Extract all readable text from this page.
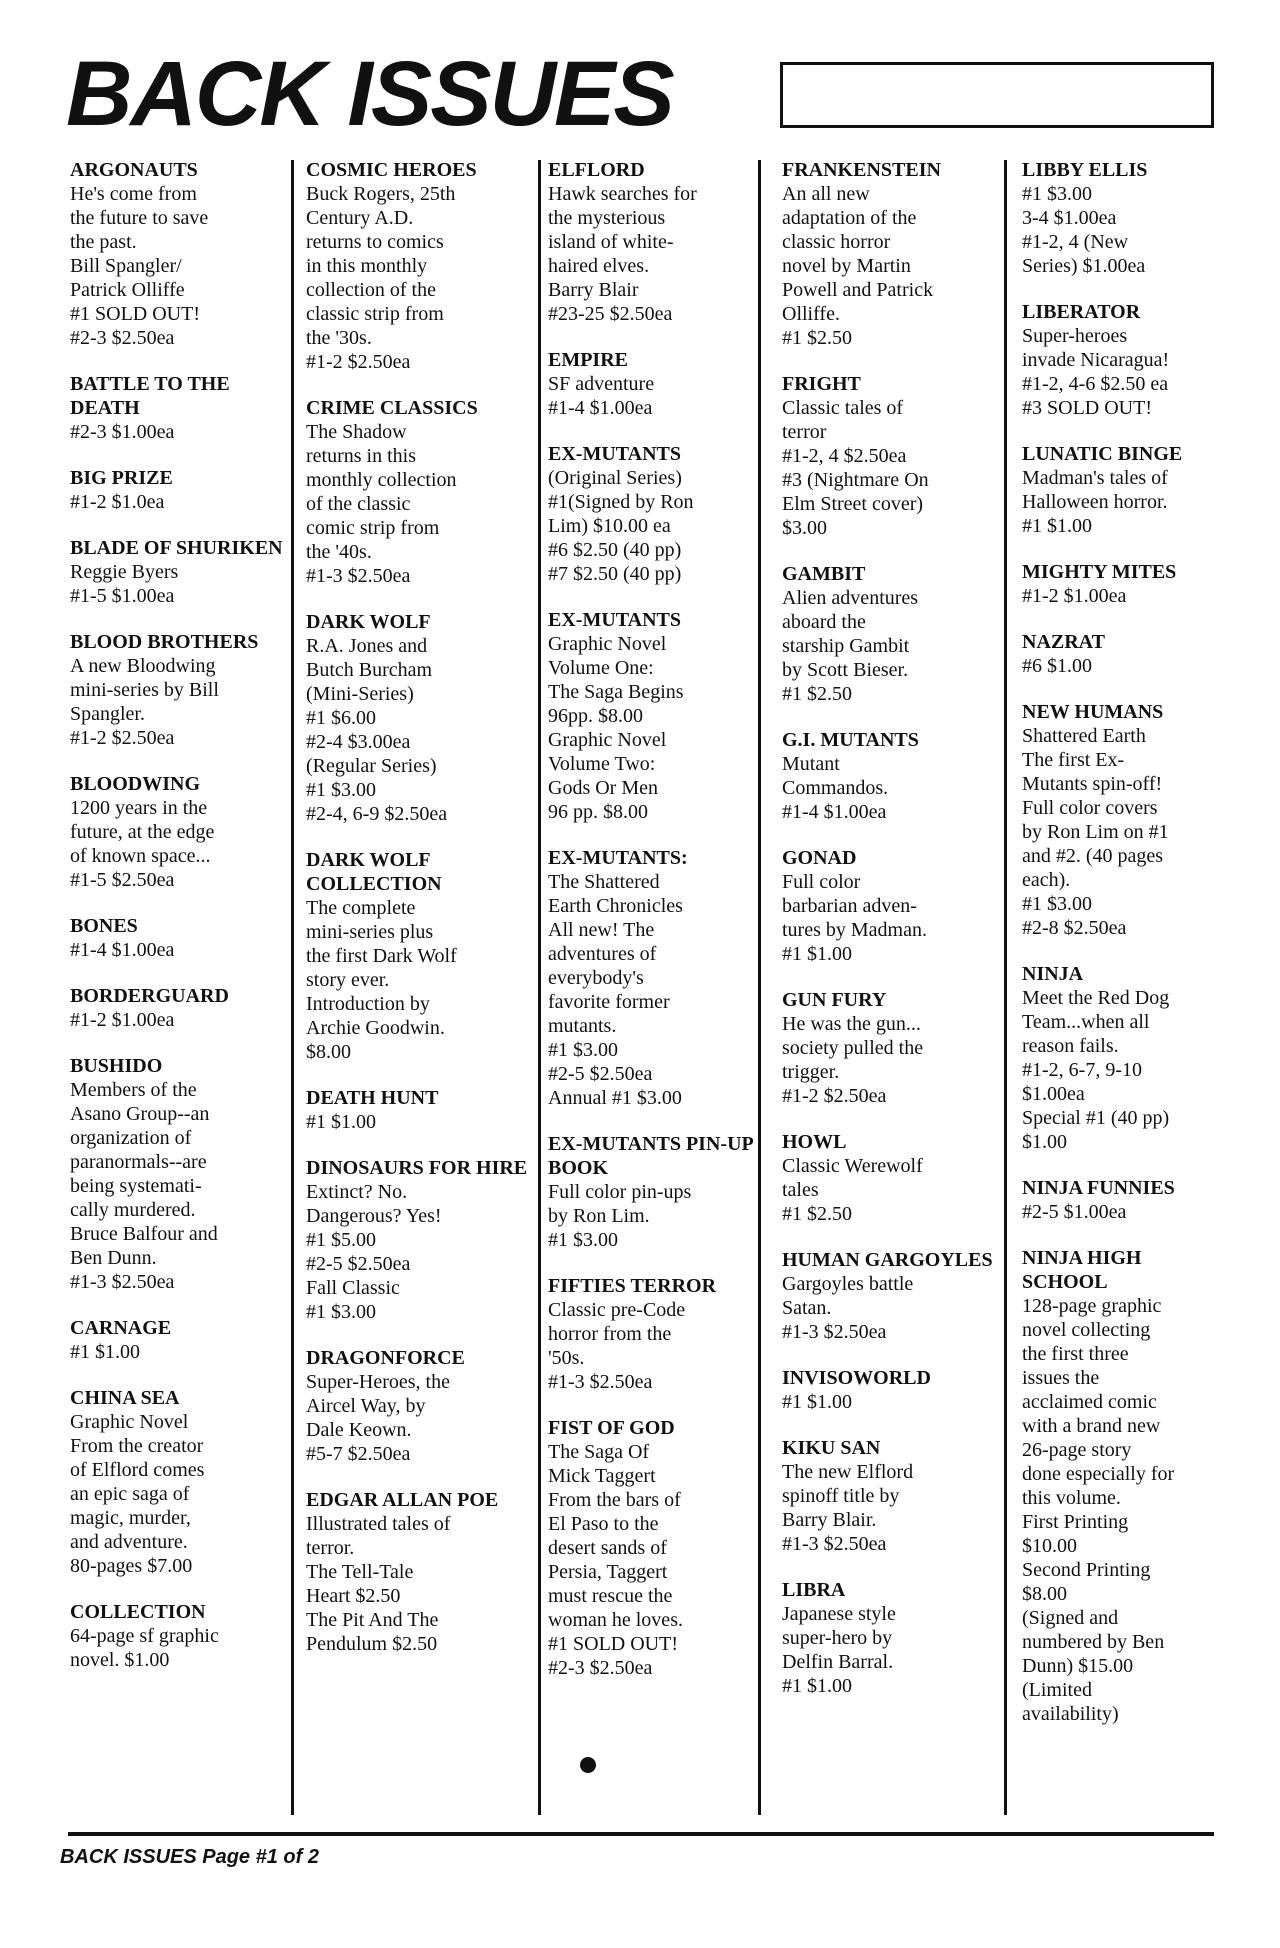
BACK ISSUES
ARGONAUTS
He's come from
the future to save
the past.
Bill Spangler/
Patrick Olliffe
#1 SOLD OUT!
#2-3 $2.50ea
BATTLE TO THE DEATH
#2-3 $1.00ea
BIG PRIZE
#1-2 $1.0ea
BLADE OF SHURIKEN
Reggie Byers
#1-5 $1.00ea
BLOOD BROTHERS
A new Bloodwing
mini-series by Bill
Spangler.
#1-2 $2.50ea
BLOODWING
1200 years in the
future, at the edge
of known space...
#1-5 $2.50ea
BONES
#1-4 $1.00ea
BORDERGUARD
#1-2 $1.00ea
BUSHIDO
Members of the
Asano Group--an
organization of
paranormals--are
being systemati-
cally murdered.
Bruce Balfour and
Ben Dunn.
#1-3 $2.50ea
CARNAGE
#1 $1.00
CHINA SEA
Graphic Novel
From the creator
of Elflord comes
an epic saga of
magic, murder,
and adventure.
80-pages $7.00
COLLECTION
64-page sf graphic
novel. $1.00
COSMIC HEROES
Buck Rogers, 25th
Century A.D.
returns to comics
in this monthly
collection of the
classic strip from
the '30s.
#1-2 $2.50ea
CRIME CLASSICS
The Shadow
returns in this
monthly collection
of the classic
comic strip from
the '40s.
#1-3 $2.50ea
DARK WOLF
R.A. Jones and
Butch Burcham
(Mini-Series)
#1 $6.00
#2-4 $3.00ea
(Regular Series)
#1 $3.00
#2-4, 6-9 $2.50ea
DARK WOLF COLLECTION
The complete
mini-series plus
the first Dark Wolf
story ever.
Introduction by
Archie Goodwin.
$8.00
DEATH HUNT
#1 $1.00
DINOSAURS FOR HIRE
Extinct? No.
Dangerous? Yes!
#1 $5.00
#2-5 $2.50ea
Fall Classic
#1 $3.00
DRAGONFORCE
Super-Heroes, the
Aircel Way, by
Dale Keown.
#5-7 $2.50ea
EDGAR ALLAN POE
Illustrated tales of
terror.
The Tell-Tale
Heart $2.50
The Pit And The
Pendulum $2.50
ELFLORD
Hawk searches for
the mysterious
island of white-
haired elves.
Barry Blair
#23-25 $2.50ea
EMPIRE
SF adventure
#1-4 $1.00ea
EX-MUTANTS
(Original Series)
#1(Signed by Ron
Lim) $10.00 ea
#6 $2.50 (40 pp)
#7 $2.50 (40 pp)
EX-MUTANTS
Graphic Novel
Volume One:
The Saga Begins
96pp. $8.00
Graphic Novel
Volume Two:
Gods Or Men
96 pp. $8.00
EX-MUTANTS:
The Shattered
Earth Chronicles
All new! The
adventures of
everybody's
favorite former
mutants.
#1 $3.00
#2-5 $2.50ea
Annual #1 $3.00
EX-MUTANTS PIN-UP BOOK
Full color pin-ups
by Ron Lim.
#1 $3.00
FIFTIES TERROR
Classic pre-Code
horror from the
'50s.
#1-3 $2.50ea
FIST OF GOD
The Saga Of
Mick Taggert
From the bars of
El Paso to the
desert sands of
Persia, Taggert
must rescue the
woman he loves.
#1 SOLD OUT!
#2-3 $2.50ea
FRANKENSTEIN
An all new
adaptation of the
classic horror
novel by Martin
Powell and Patrick
Olliffe.
#1 $2.50
FRIGHT
Classic tales of
terror
#1-2, 4 $2.50ea
#3 (Nightmare On
Elm Street cover)
$3.00
GAMBIT
Alien adventures
aboard the
starship Gambit
by Scott Bieser.
#1 $2.50
G.I. MUTANTS
Mutant
Commandos.
#1-4 $1.00ea
GONAD
Full color
barbarian adven-
tures by Madman.
#1 $1.00
GUN FURY
He was the gun...
society pulled the
trigger.
#1-2 $2.50ea
HOWL
Classic Werewolf
tales
#1 $2.50
HUMAN GARGOYLES
Gargoyles battle
Satan.
#1-3 $2.50ea
INVISOWORLD
#1 $1.00
KIKU SAN
The new Elflord
spinoff title by
Barry Blair.
#1-3 $2.50ea
LIBRA
Japanese style
super-hero by
Delfin Barral.
#1 $1.00
LIBBY ELLIS
#1 $3.00
3-4 $1.00ea
#1-2, 4 (New
Series) $1.00ea
LIBERATOR
Super-heroes
invade Nicaragua!
#1-2, 4-6 $2.50 ea
#3 SOLD OUT!
LUNATIC BINGE
Madman's tales of
Halloween horror.
#1 $1.00
MIGHTY MITES
#1-2 $1.00ea
NAZRAT
#6 $1.00
NEW HUMANS
Shattered Earth
The first Ex-
Mutants spin-off!
Full color covers
by Ron Lim on #1
and #2. (40 pages
each).
#1 $3.00
#2-8 $2.50ea
NINJA
Meet the Red Dog
Team...when all
reason fails.
#1-2, 6-7, 9-10
$1.00ea
Special #1 (40 pp)
$1.00
NINJA FUNNIES
#2-5 $1.00ea
NINJA HIGH SCHOOL
128-page graphic
novel collecting
the first three
issues the
acclaimed comic
with a brand new
26-page story
done especially for
this volume.
First Printing
$10.00
Second Printing
$8.00
(Signed and
numbered by Ben
Dunn) $15.00
(Limited
availability)
BACK ISSUES Page #1 of 2
